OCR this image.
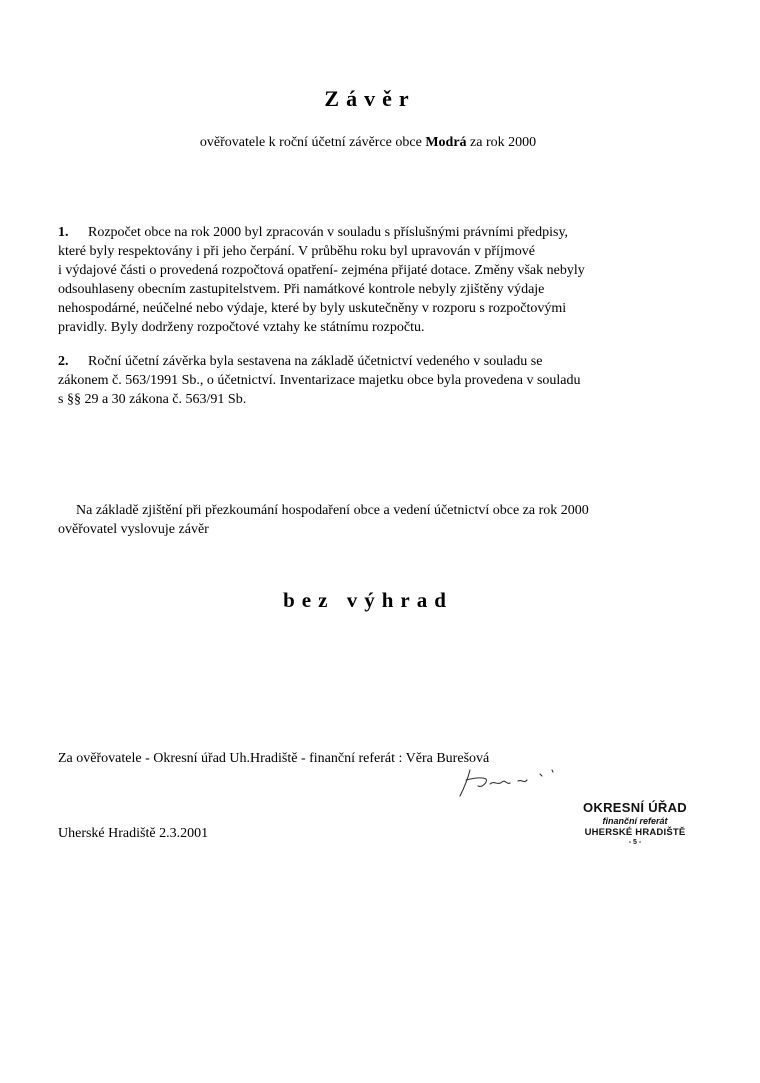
Závěr
ověřovatele k roční účetní závěrce obce Modrá za rok 2000
1. Rozpočet obce na rok 2000 byl zpracován v souladu s příslušnými právními předpisy,
které byly respektovány i při jeho čerpání. V průběhu roku byl upravován v příjmové
i výdajové části o provedená rozpočtová opatření- zejména přijaté dotace. Změny však nebyly
odsouhlaseny obecním zastupitelstvem. Při namátkové kontrole nebyly zjištěny výdaje
nehospodárné, neúčelné nebo výdaje, které by byly uskutečněny v rozporu s rozpočtovými
pravidly. Byly dodrženy rozpočtové vztahy ke státnímu rozpočtu.
2. Roční účetní závěrka byla sestavena na základě účetnictví vedeného v souladu se
zákonem č. 563/1991 Sb., o účetnictví. Inventarizace majetku obce byla provedena v souladu
s §§ 29 a 30 zákona č. 563/91 Sb.
Na základě zjištění při přezkoumání hospodaření obce a vedení účetnictví obce za rok 2000
ověřovatel vyslovuje závěr
bez výhrad
Za ověřovatele - Okresní úřad Uh.Hradiště - finanční referát : Věra Burešová
Uherské Hradiště 2.3.2001
OKRESNÍ ÚŘAD
finanční referát
UHERSKÉ HRADIŠTĚ
- 5 -
